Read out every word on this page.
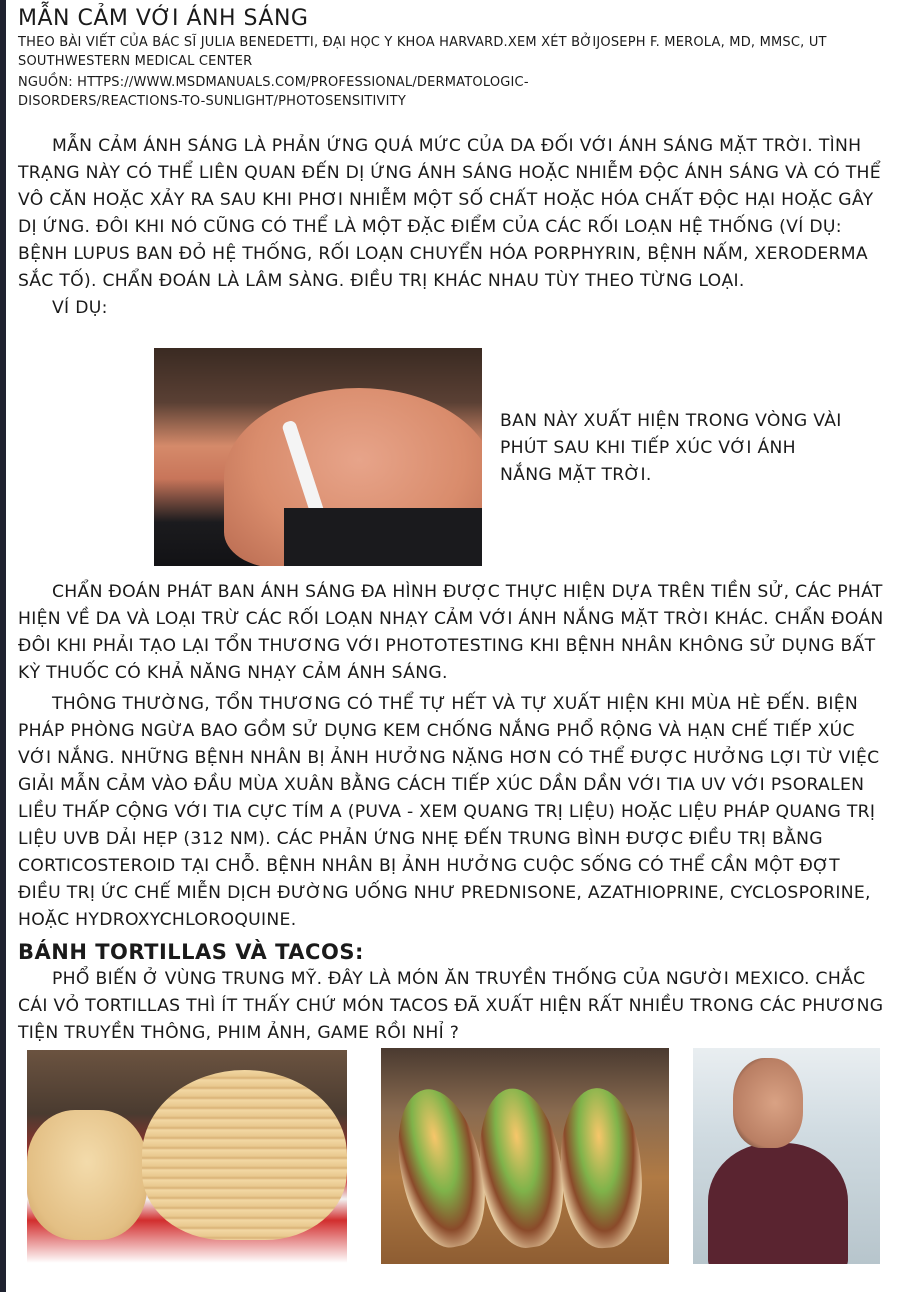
MẪN CẢM VỚI ÁNH SÁNG

THEO BÀI VIẾT CỦA BÁC SĨ JULIA BENEDETTI, ĐẠI HỌC Y KHOA HARVARD.XEM XÉT BỞIJOSEPH F. MEROLA, MD, MMSC, UT SOUTHWESTERN MEDICAL CENTER

NGUỒN: HTTPS://WWW.MSDMANUALS.COM/PROFESSIONAL/DERMATOLOGIC-DISORDERS/REACTIONS-TO-SUNLIGHT/PHOTOSENSITIVITY

MẪN CẢM ÁNH SÁNG LÀ PHẢN ỨNG QUÁ MỨC CỦA DA ĐỐI VỚI ÁNH SÁNG MẶT TRỜI. TÌNH TRẠNG NÀY CÓ THỂ LIÊN QUAN ĐẾN DỊ ỨNG ÁNH SÁNG HOẶC NHIỄM ĐỘC ÁNH SÁNG VÀ CÓ THỂ VÔ CĂN HOẶC XẢY RA SAU KHI PHƠI NHIỄM MỘT SỐ CHẤT HOẶC HÓA CHẤT ĐỘC HẠI HOẶC GÂY DỊ ỨNG. ĐÔI KHI NÓ CŨNG CÓ THỂ LÀ MỘT ĐẶC ĐIỂM CỦA CÁC RỐI LOẠN HỆ THỐNG (VÍ DỤ: BỆNH LUPUS BAN ĐỎ HỆ THỐNG, RỐI LOẠN CHUYỂN HÓA PORPHYRIN, BỆNH NẤM, XERODERMA SẮC TỐ). CHẨN ĐOÁN LÀ LÂM SÀNG. ĐIỀU TRỊ KHÁC NHAU TÙY THEO TỪNG LOẠI.

VÍ DỤ:

BAN NÀY XUẤT HIỆN TRONG VÒNG VÀI PHÚT SAU KHI TIẾP XÚC VỚI ÁNH NẮNG MẶT TRỜI.

CHẨN ĐOÁN PHÁT BAN ÁNH SÁNG ĐA HÌNH ĐƯỢC THỰC HIỆN DỰA TRÊN TIỀN SỬ, CÁC PHÁT HIỆN VỀ DA VÀ LOẠI TRỪ CÁC RỐI LOẠN NHẠY CẢM VỚI ÁNH NẮNG MẶT TRỜI KHÁC. CHẨN ĐOÁN ĐÔI KHI PHẢI TẠO LẠI TỔN THƯƠNG VỚI PHOTOTESTING KHI BỆNH NHÂN KHÔNG SỬ DỤNG BẤT KỲ THUỐC CÓ KHẢ NĂNG NHẠY CẢM ÁNH SÁNG.

THÔNG THƯỜNG, TỔN THƯƠNG CÓ THỂ TỰ HẾT VÀ TỰ XUẤT HIỆN KHI MÙA HÈ ĐẾN. BIỆN PHÁP PHÒNG NGỪA BAO GỒM SỬ DỤNG KEM CHỐNG NẮNG PHỔ RỘNG VÀ HẠN CHẾ TIẾP XÚC VỚI NẮNG. NHỮNG BỆNH NHÂN BỊ ẢNH HƯỞNG NẶNG HƠN CÓ THỂ ĐƯỢC HƯỞNG LỢI TỪ VIỆC GIẢI MẪN CẢM VÀO ĐẦU MÙA XUÂN BẰNG CÁCH TIẾP XÚC DẦN DẦN VỚI TIA UV VỚI PSORALEN LIỀU THẤP CỘNG VỚI TIA CỰC TÍM A (PUVA - XEM QUANG TRỊ LIỆU) HOẶC LIỆU PHÁP QUANG TRỊ LIỆU UVB DẢI HẸP (312 NM). CÁC PHẢN ỨNG NHẸ ĐẾN TRUNG BÌNH ĐƯỢC ĐIỀU TRỊ BẰNG CORTICOSTEROID TẠI CHỖ. BỆNH NHÂN BỊ ẢNH HƯỞNG CUỘC SỐNG CÓ THỂ CẦN MỘT ĐỢT ĐIỀU TRỊ ỨC CHẾ MIỄN DỊCH ĐƯỜNG UỐNG NHƯ PREDNISONE, AZATHIOPRINE, CYCLOSPORINE, HOẶC HYDROXYCHLOROQUINE.

BÁNH TORTILLAS VÀ TACOS:

PHỔ BIẾN Ở VÙNG TRUNG MỸ. ĐÂY LÀ MÓN ĂN TRUYỀN THỐNG CỦA NGƯỜI MEXICO. CHẮC CÁI VỎ TORTILLAS THÌ ÍT THẤY CHỨ MÓN TACOS ĐÃ XUẤT HIỆN RẤT NHIỀU TRONG CÁC PHƯƠNG TIỆN TRUYỀN THÔNG, PHIM ẢNH, GAME RỒI NHỈ ?
